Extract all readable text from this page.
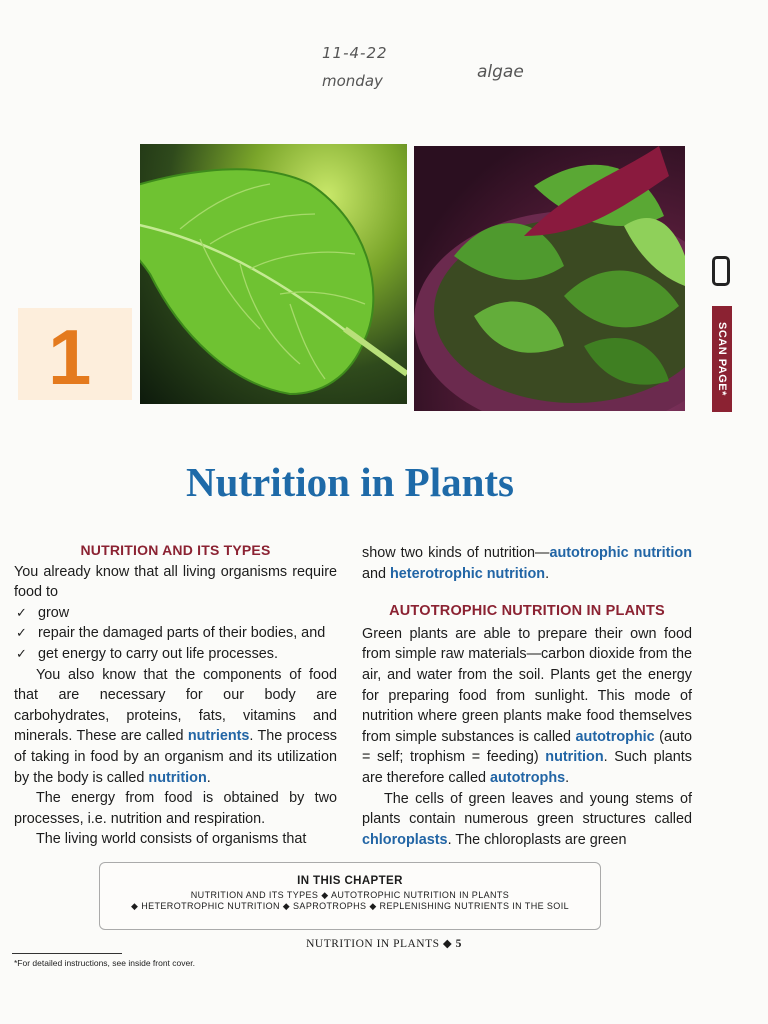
11-4-22
monday	algae
1	SCAN PAGE*
Nutrition in Plants
NUTRITION AND ITS TYPES

You already know that all living organisms require food to

✓ grow

✓ repair the damaged parts of their bodies, and

✓ get energy to carry out life processes.

You also know that the components of food that are necessary for our body are carbohydrates, proteins, fats, vitamins and minerals. These are called nutrients. The process of taking in food by an organism and its utilization by the body is called nutrition.

The energy from food is obtained by two processes, i.e. nutrition and respiration.

The living world consists of organisms that

show two kinds of nutrition—autotrophic nutrition and heterotrophic nutrition.

AUTOTROPHIC NUTRITION IN PLANTS

Green plants are able to prepare their own food from simple raw materials—carbon dioxide from the air, and water from the soil. Plants get the energy for preparing food from sunlight. This mode of nutrition where green plants make food themselves from simple substances is called autotrophic (auto = self; trophism = feeding) nutrition. Such plants are therefore called autotrophs.

The cells of green leaves and young stems of plants contain numerous green structures called chloroplasts. The chloroplasts are green

IN THIS CHAPTER
NUTRITION AND ITS TYPES ◆ AUTOTROPHIC NUTRITION IN PLANTS
◆ HETEROTROPHIC NUTRITION ◆ SAPROTROPHS ◆ REPLENISHING NUTRIENTS IN THE SOIL
NUTRITION IN PLANTS ◆ 5
*For detailed instructions, see inside front cover.
